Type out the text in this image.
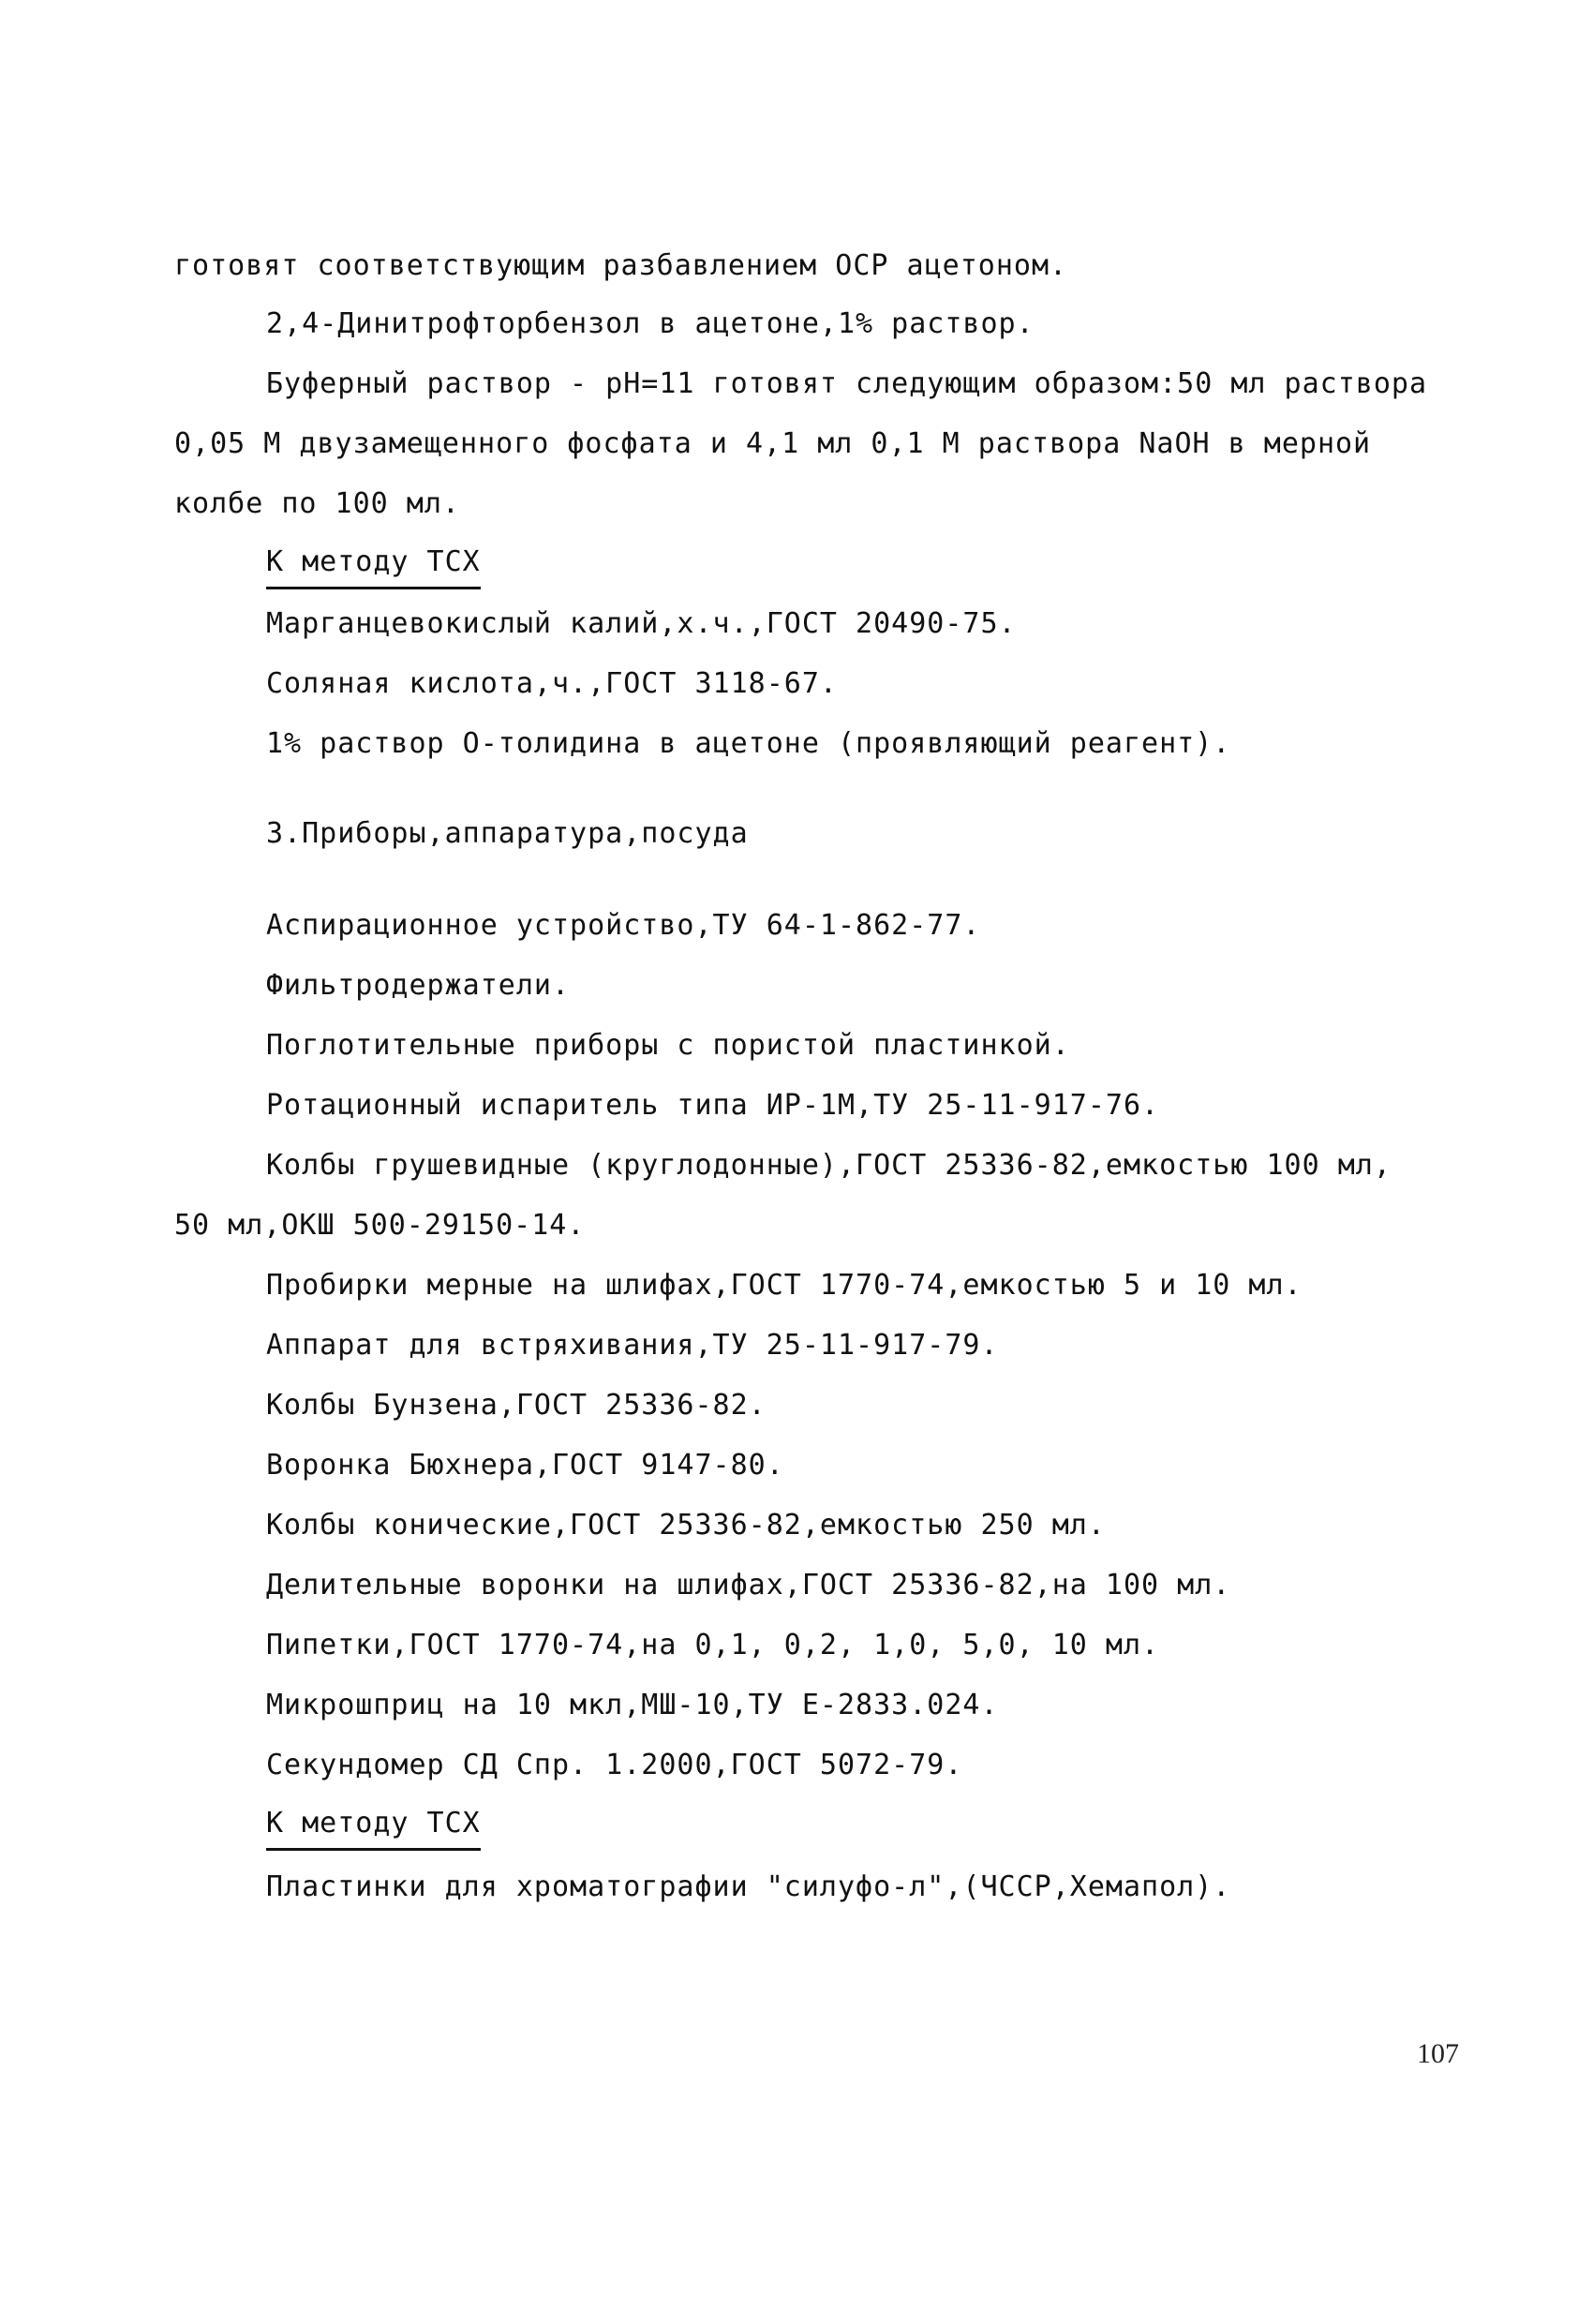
готовят соответствующим разбавлением ОСР ацетоном.
2,4-Динитрофторбензол в ацетоне,1% раствор.
Буферный раствор - pH=11 готовят следующим образом:50 мл раствора
0,05 М двузамещенного фосфата и 4,1 мл 0,1 М раствора NaOH в мерной
колбе по 100 мл.
К методу ТСХ
Марганцевокислый калий,х.ч.,ГОСТ 20490-75.
Соляная кислота,ч.,ГОСТ 3118-67.
1% раствор О-толидина в ацетоне (проявляющий реагент).
3.Приборы,аппаратура,посуда
Аспирационное устройство,ТУ 64-1-862-77.
Фильтродержатели.
Поглотительные приборы с пористой пластинкой.
Ротационный испаритель типа ИР-1М,ТУ 25-11-917-76.
Колбы грушевидные (круглодонные),ГОСТ 25336-82,емкостью 100 мл,
50 мл,ОКШ 500-29150-14.
Пробирки мерные на шлифах,ГОСТ 1770-74,емкостью 5 и 10 мл.
Аппарат для встряхивания,ТУ 25-11-917-79.
Колбы Бунзена,ГОСТ 25336-82.
Воронка Бюхнера,ГОСТ 9147-80.
Колбы конические,ГОСТ 25336-82,емкостью 250 мл.
Делительные воронки на шлифах,ГОСТ 25336-82,на 100 мл.
Пипетки,ГОСТ 1770-74,на 0,1, 0,2, 1,0, 5,0, 10 мл.
Микрошприц на 10 мкл,МШ-10,ТУ Е-2833.024.
Секундомер СД Спр. 1.2000,ГОСТ 5072-79.
К методу ТСХ
Пластинки для хроматографии "силуфо-л",(ЧССР,Хемапол).
107
